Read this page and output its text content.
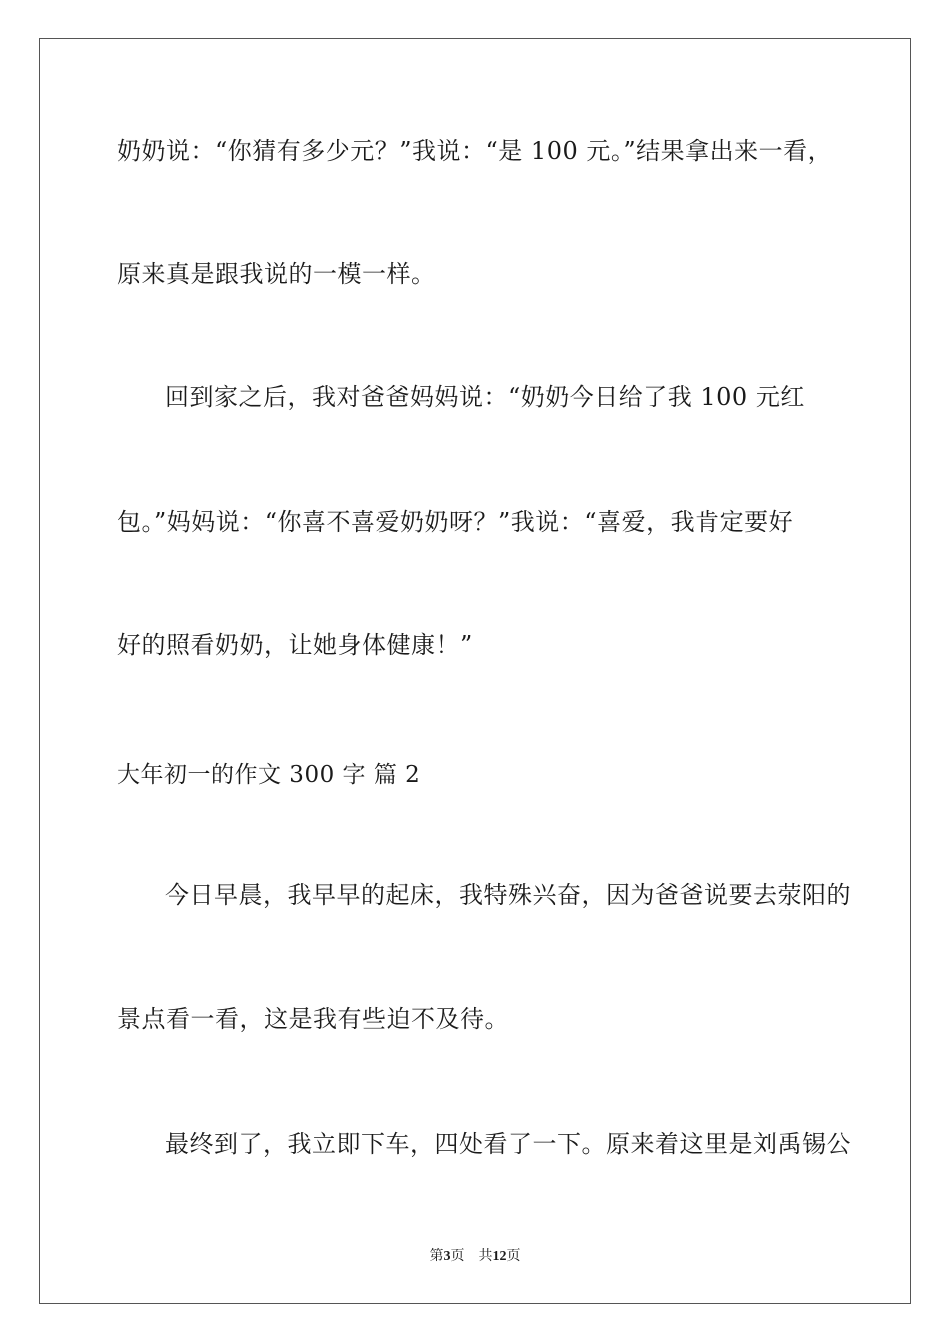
奶奶说：“你猜有多少元？”我说：“是 100 元。”结果拿出来一看，
原来真是跟我说的一模一样。
回到家之后，我对爸爸妈妈说：“奶奶今日给了我 100 元红
包。”妈妈说：“你喜不喜爱奶奶呀？”我说：“喜爱，我肯定要好
好的照看奶奶，让她身体健康！”
大年初一的作文 300 字 篇 2
今日早晨，我早早的起床，我特殊兴奋，因为爸爸说要去荥阳的
景点看一看，这是我有些迫不及待。
最终到了，我立即下车，四处看了一下。原来着这里是刘禹锡公
第3页 共12页
